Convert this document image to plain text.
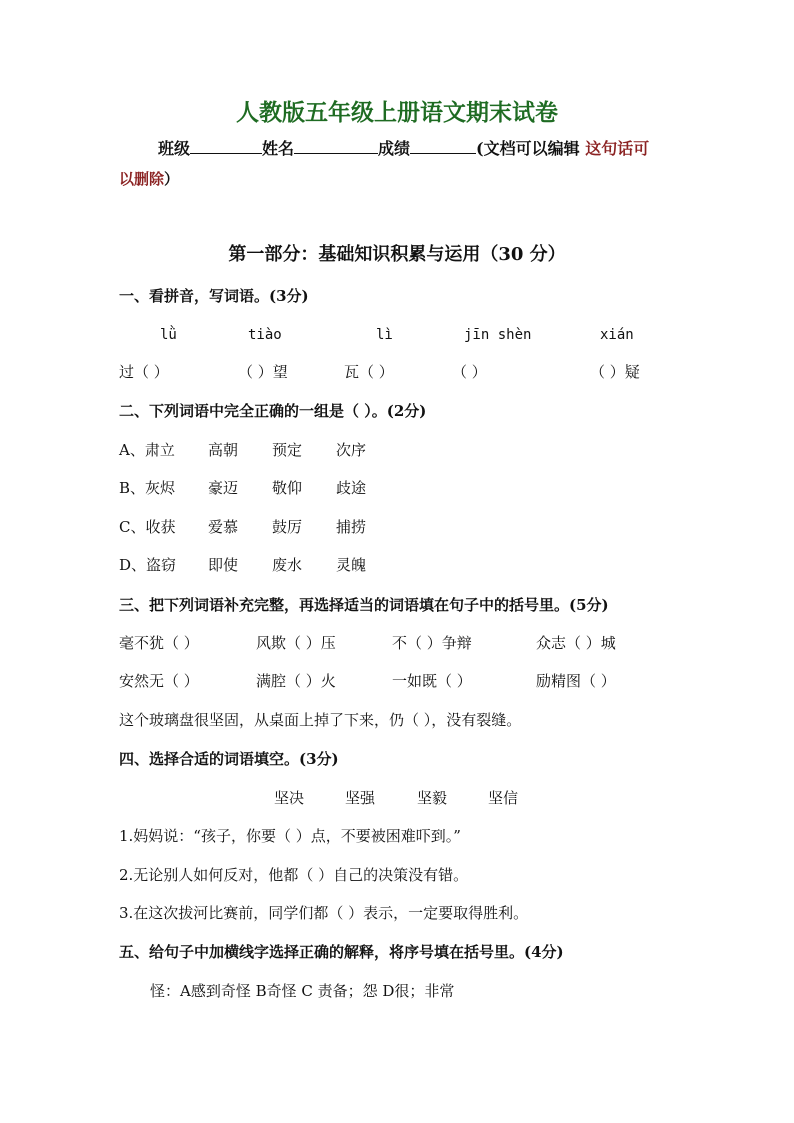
人教版五年级上册语文期末试卷
班级	姓名	成绩	(文档可以编辑 这句话可
以删除）
第一部分：基础知识积累与运用（30 分）
一、看拼音，写词语。(3分)
lǜ	tiào	lì	jīn shèn	xián
过（ ）	（ ）望	瓦（ ）	（ ）	（ ）疑
二、下列词语中完全正确的一组是（ ）。(2分)
A、肃立 高朝 预定 次序
B、灰烬 豪迈 敬仰 歧途
C、收获 爱慕 鼓厉 捕捞
D、盗窃 即使 废水 灵魄
三、把下列词语补充完整，再选择适当的词语填在句子中的括号里。(5分)
毫不犹（ ）	风欺（ ）压	不（ ）争辩	众志（ ）城
安然无（ ）	满腔（ ）火	一如既（ ）	励精图（ ）
这个玻璃盘很坚固，从桌面上掉了下来，仍（ ），没有裂缝。
四、选择合适的词语填空。(3分)
坚决	坚强	坚毅	坚信
1.妈妈说：“孩子，你要（ ）点，不要被困难吓到。”
2.无论别人如何反对，他都（ ）自己的决策没有错。
3.在这次拔河比赛前，同学们都（ ）表示，一定要取得胜利。
五、给句子中加横线字选择正确的解释，将序号填在括号里。(4分)
怪：A感到奇怪 B奇怪 C 责备；怨 D很；非常
